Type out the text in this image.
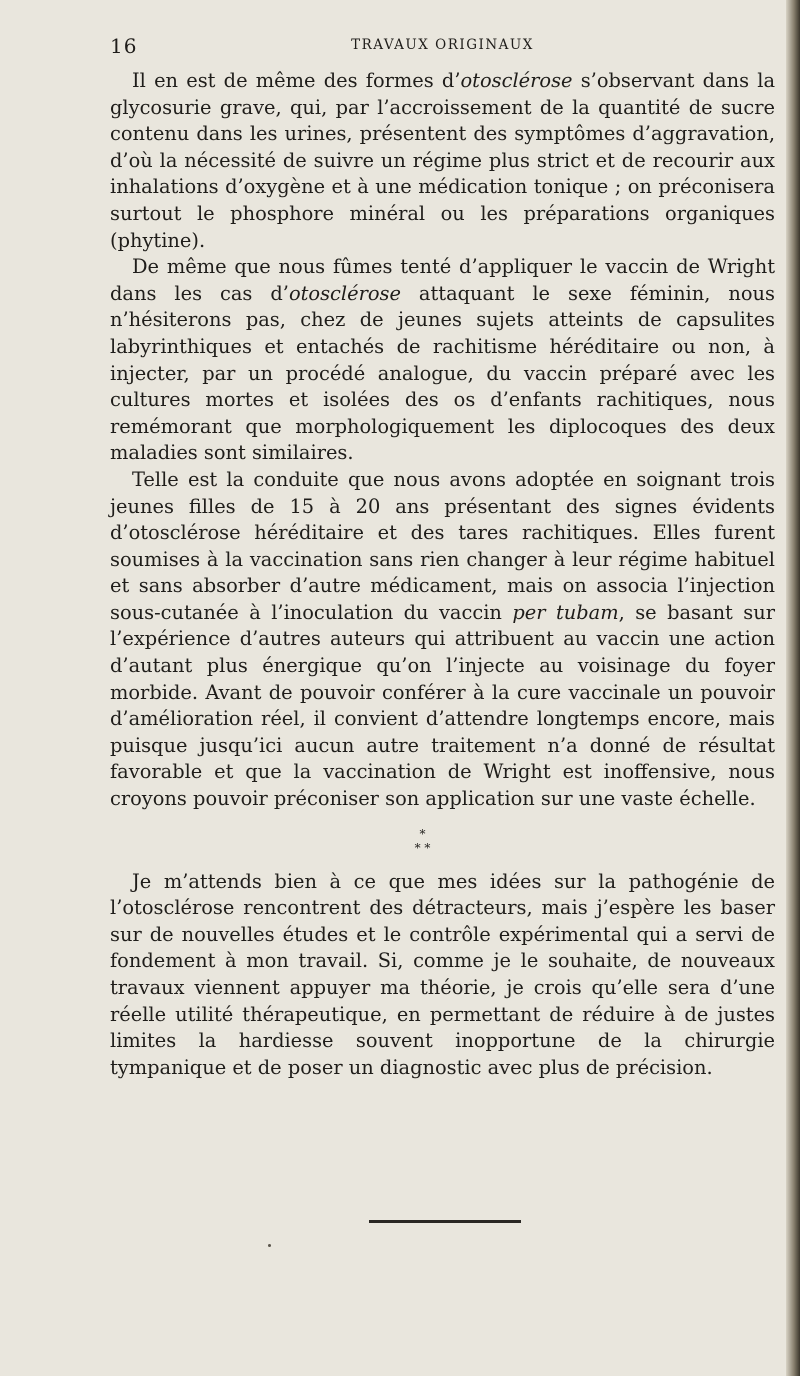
16	TRAVAUX ORIGINAUX

Il en est de même des formes d’otosclérose s’observant dans la glycosurie grave, qui, par l’accroissement de la quantité de sucre contenu dans les urines, présentent des symptômes d’aggravation, d’où la nécessité de suivre un régime plus strict et de recourir aux inhalations d’oxygène et à une médication tonique ; on préconisera surtout le phosphore minéral ou les préparations organiques (phytine).

De même que nous fûmes tenté d’appliquer le vaccin de Wright dans les cas d’otosclérose attaquant le sexe féminin, nous n’hésiterons pas, chez de jeunes sujets atteints de capsulites labyrinthiques et entachés de rachitisme héréditaire ou non, à injecter, par un procédé analogue, du vaccin préparé avec les cultures mortes et isolées des os d’enfants rachitiques, nous remémorant que morphologiquement les diplocoques des deux maladies sont similaires.

Telle est la conduite que nous avons adoptée en soignant trois jeunes filles de 15 à 20 ans présentant des signes évidents d’otosclérose héréditaire et des tares rachitiques. Elles furent soumises à la vaccination sans rien changer à leur régime habituel et sans absorber d’autre médicament, mais on associa l’injection sous-cutanée à l’inoculation du vaccin per tubam, se basant sur l’expérience d’autres auteurs qui attribuent au vaccin une action d’autant plus énergique qu’on l’injecte au voisinage du foyer morbide. Avant de pouvoir conférer à la cure vaccinale un pouvoir d’amélioration réel, il convient d’attendre longtemps encore, mais puisque jusqu’ici aucun autre traitement n’a donné de résultat favorable et que la vaccination de Wright est inoffensive, nous croyons pouvoir préconiser son application sur une vaste échelle.

*
* *

Je m’attends bien à ce que mes idées sur la pathogénie de l’otosclérose rencontrent des détracteurs, mais j’espère les baser sur de nouvelles études et le contrôle expérimental qui a servi de fondement à mon travail. Si, comme je le souhaite, de nouveaux travaux viennent appuyer ma théorie, je crois qu’elle sera d’une réelle utilité thérapeutique, en permettant de réduire à de justes limites la hardiesse souvent inopportune de la chirurgie tympanique et de poser un diagnostic avec plus de précision.
